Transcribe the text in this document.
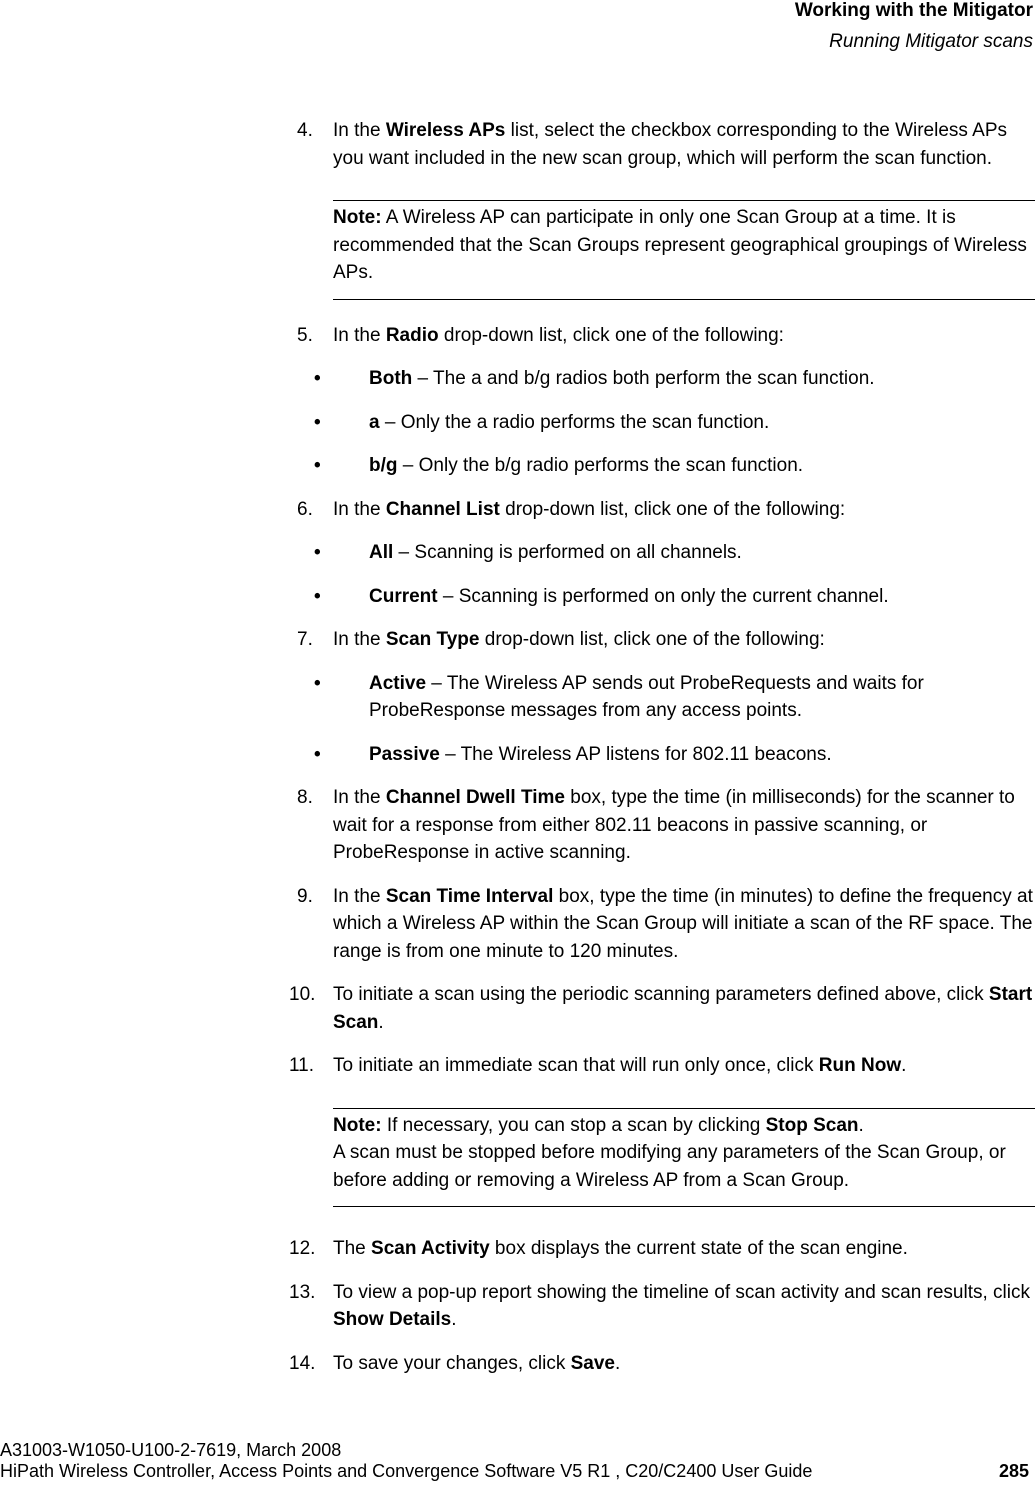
Working with the Mitigator
Running Mitigator scans

4. In the Wireless APs list, select the checkbox corresponding to the Wireless APs you want included in the new scan group, which will perform the scan function.

Note: A Wireless AP can participate in only one Scan Group at a time. It is recommended that the Scan Groups represent geographical groupings of Wireless APs.

5. In the Radio drop-down list, click one of the following:

•	Both – The a and b/g radios both perform the scan function.

•	a – Only the a radio performs the scan function.

•	b/g – Only the b/g radio performs the scan function.

6. In the Channel List drop-down list, click one of the following:

•	All – Scanning is performed on all channels.

•	Current – Scanning is performed on only the current channel.

7. In the Scan Type drop-down list, click one of the following:

•	Active – The Wireless AP sends out ProbeRequests and waits for ProbeResponse messages from any access points.

•	Passive – The Wireless AP listens for 802.11 beacons.

8. In the Channel Dwell Time box, type the time (in milliseconds) for the scanner to wait for a response from either 802.11 beacons in passive scanning, or ProbeResponse in active scanning.

9. In the Scan Time Interval box, type the time (in minutes) to define the frequency at which a Wireless AP within the Scan Group will initiate a scan of the RF space. The range is from one minute to 120 minutes.

10. To initiate a scan using the periodic scanning parameters defined above, click Start Scan.

11. To initiate an immediate scan that will run only once, click Run Now.

Note: If necessary, you can stop a scan by clicking Stop Scan.
A scan must be stopped before modifying any parameters of the Scan Group, or before adding or removing a Wireless AP from a Scan Group.

12. The Scan Activity box displays the current state of the scan engine.

13. To view a pop-up report showing the timeline of scan activity and scan results, click Show Details.

14. To save your changes, click Save.

A31003-W1050-U100-2-7619, March 2008
HiPath Wireless Controller, Access Points and Convergence Software V5 R1 , C20/C2400 User Guide	285
